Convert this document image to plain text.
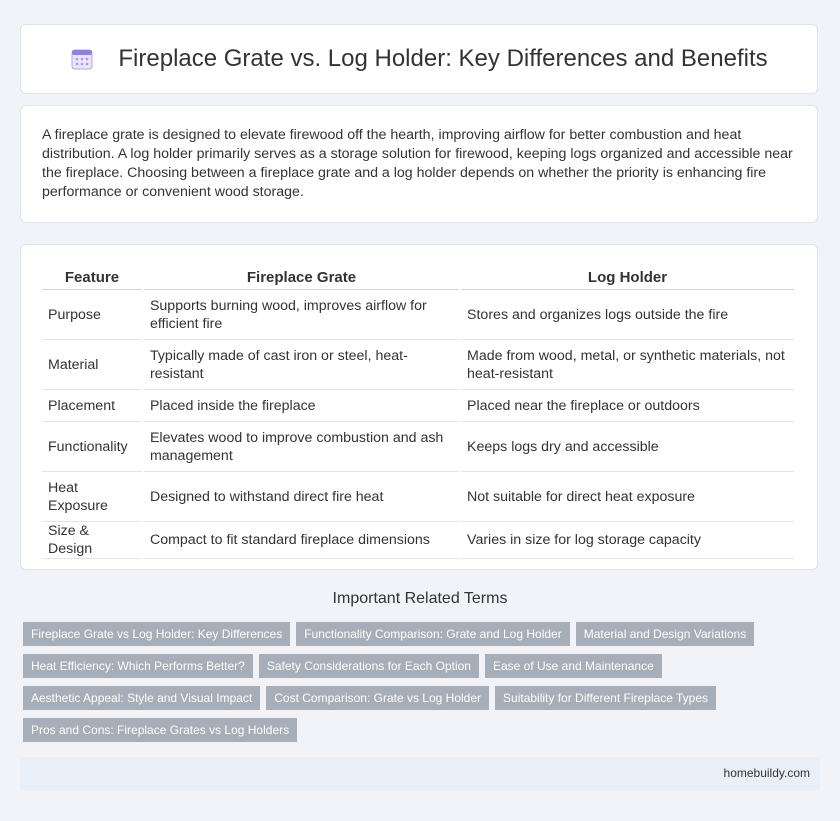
Fireplace Grate vs. Log Holder: Key Differences and Benefits

A fireplace grate is designed to elevate firewood off the hearth, improving airflow for better combustion and heat distribution. A log holder primarily serves as a storage solution for firewood, keeping logs organized and accessible near the fireplace. Choosing between a fireplace grate and a log holder depends on whether the priority is enhancing fire performance or convenient wood storage.

Feature	Fireplace Grate	Log Holder
Purpose	Supports burning wood, improves airflow for efficient fire	Stores and organizes logs outside the fire
Material	Typically made of cast iron or steel, heat-resistant	Made from wood, metal, or synthetic materials, not heat-resistant
Placement	Placed inside the fireplace	Placed near the fireplace or outdoors
Functionality	Elevates wood to improve combustion and ash management	Keeps logs dry and accessible
Heat Exposure	Designed to withstand direct fire heat	Not suitable for direct heat exposure
Size & Design	Compact to fit standard fireplace dimensions	Varies in size for log storage capacity
Important Related Terms
Fireplace Grate vs Log Holder: Key Differences	Functionality Comparison: Grate and Log Holder	Material and Design Variations
Heat Efficiency: Which Performs Better?	Safety Considerations for Each Option	Ease of Use and Maintenance
Aesthetic Appeal: Style and Visual Impact	Cost Comparison: Grate vs Log Holder	Suitability for Different Fireplace Types
Pros and Cons: Fireplace Grates vs Log Holders
homebuildy.com
